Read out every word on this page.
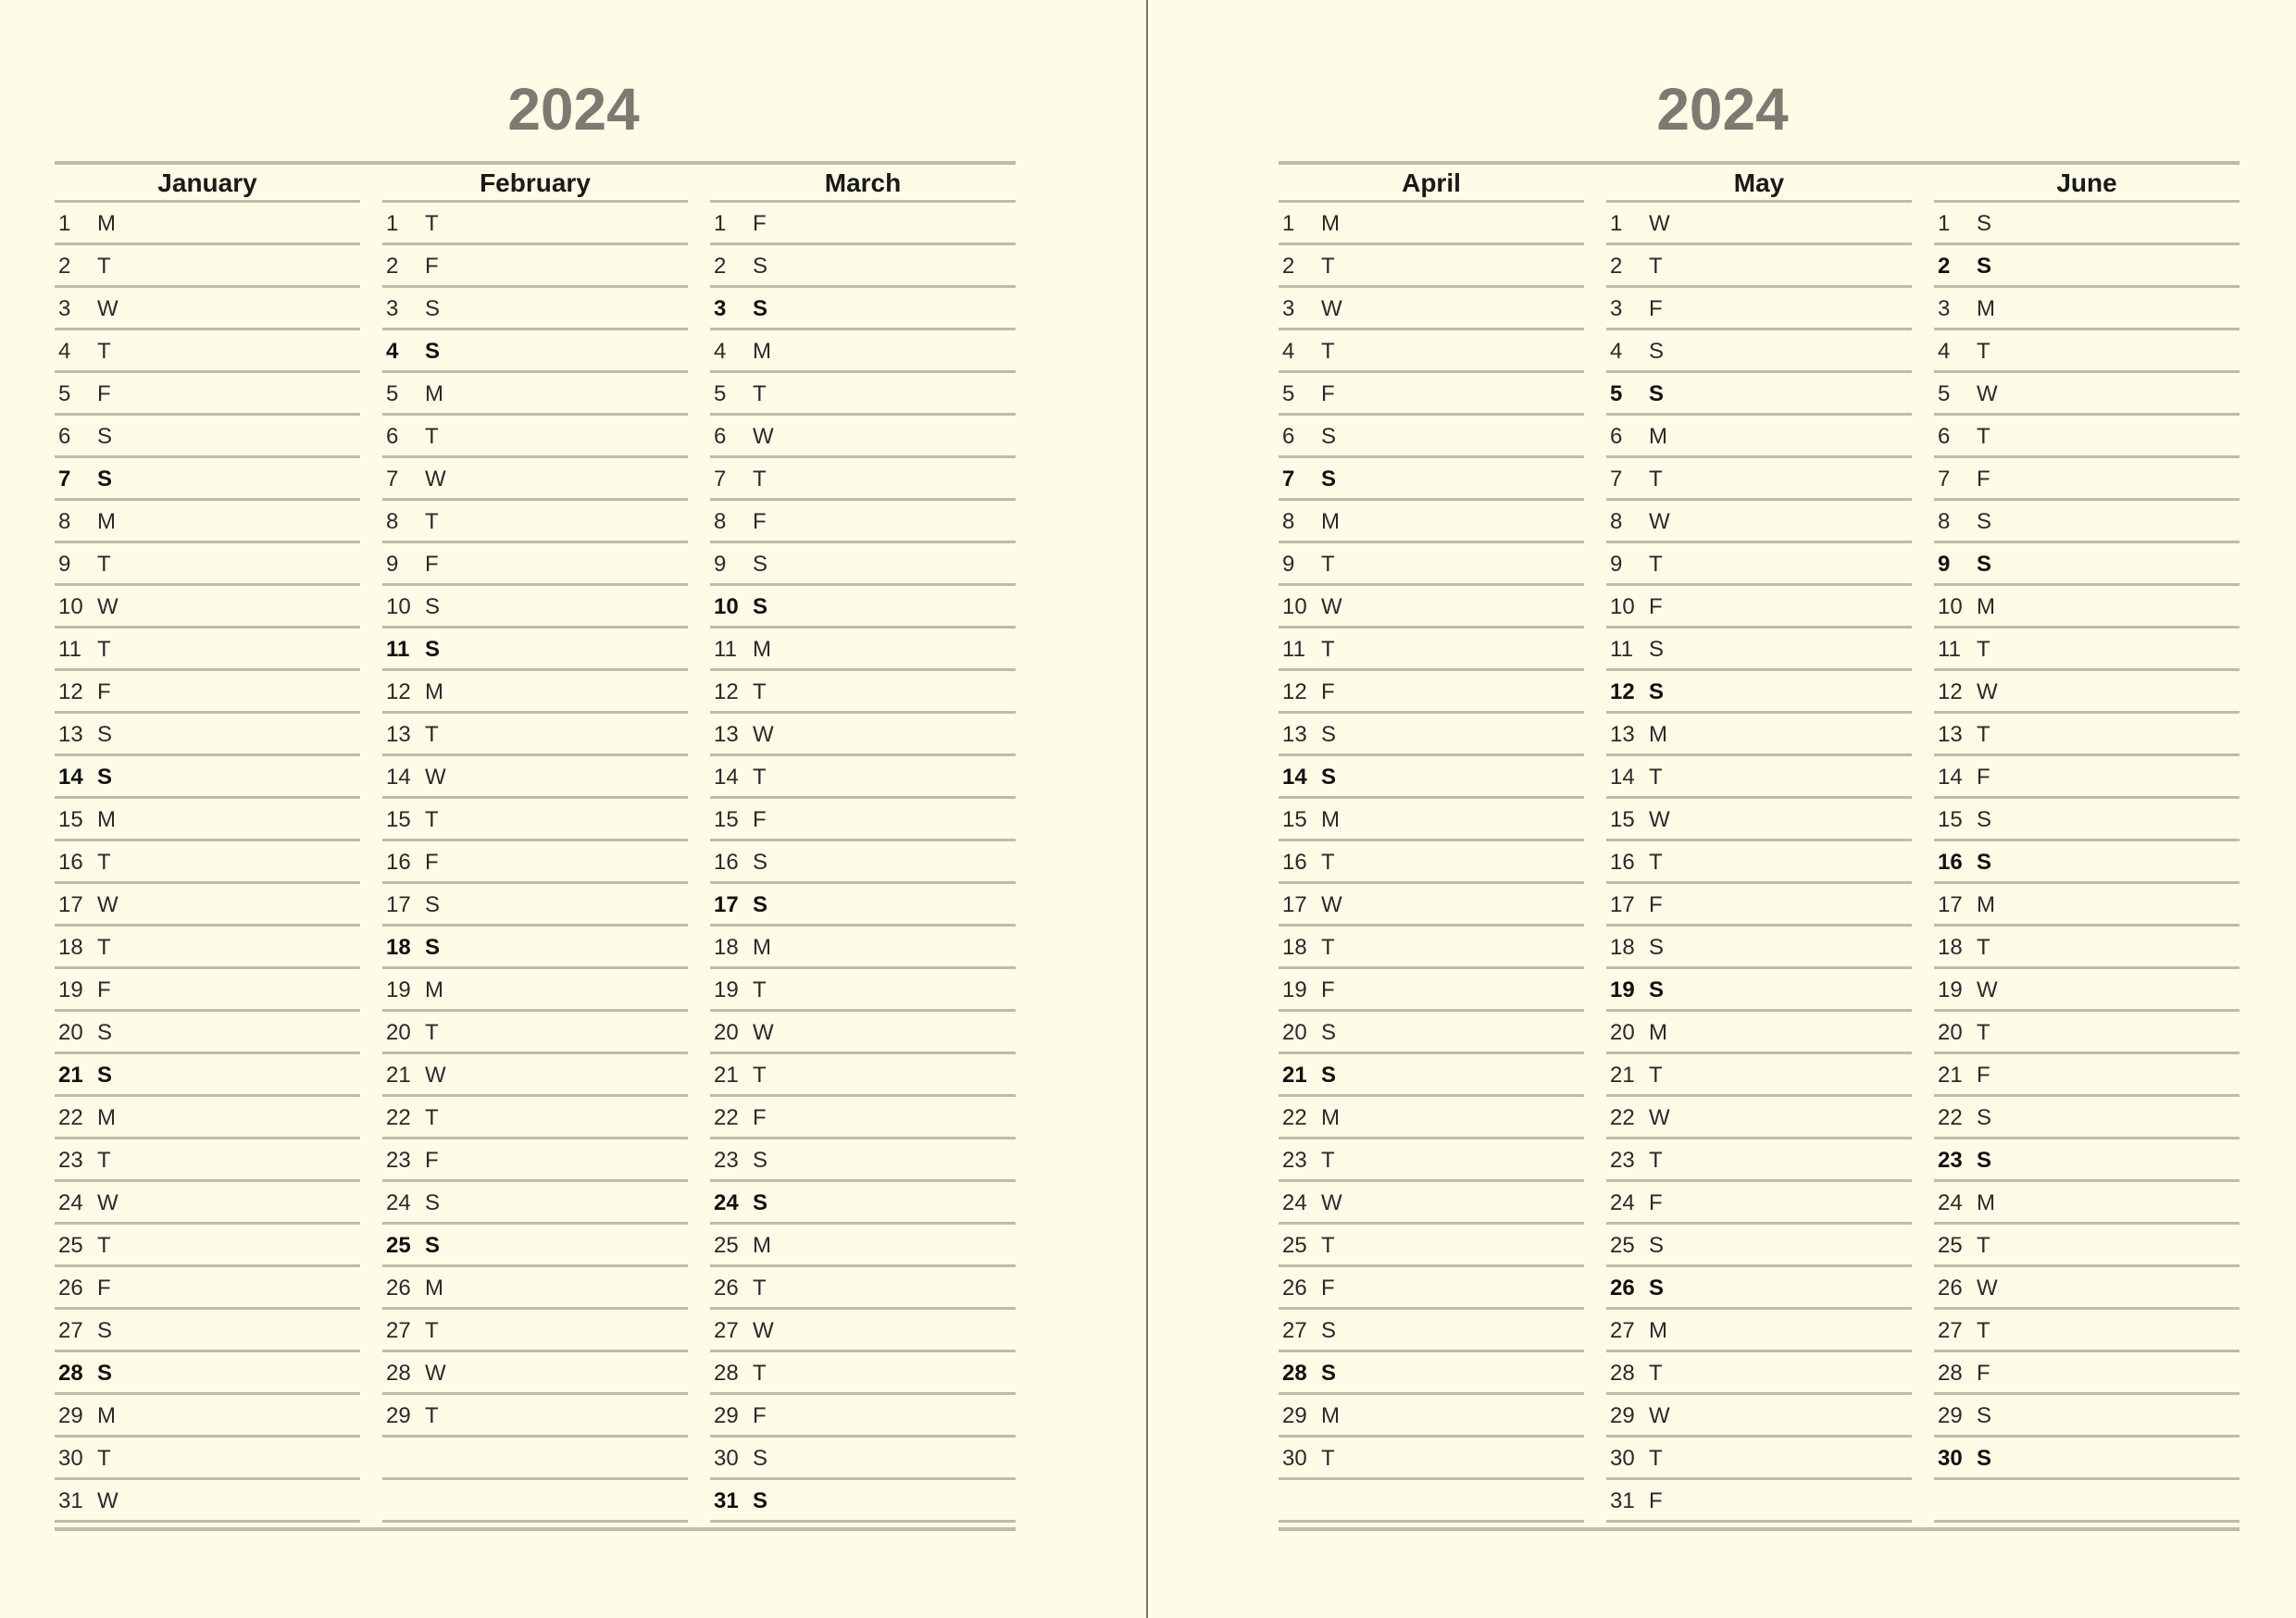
2024
January
1 M
2 T
3 W
4 T
5 F
6 S
7 S
8 M
9 T
10 W
11 T
12 F
13 S
14 S
15 M
16 T
17 W
18 T
19 F
20 S
21 S
22 M
23 T
24 W
25 T
26 F
27 S
28 S
29 M
30 T
31 W
February
1 T
2 F
3 S
4 S
5 M
6 T
7 W
8 T
9 F
10 S
11 S
12 M
13 T
14 W
15 T
16 F
17 S
18 S
19 M
20 T
21 W
22 T
23 F
24 S
25 S
26 M
27 T
28 W
29 T
March
1 F
2 S
3 S
4 M
5 T
6 W
7 T
8 F
9 S
10 S
11 M
12 T
13 W
14 T
15 F
16 S
17 S
18 M
19 T
20 W
21 T
22 F
23 S
24 S
25 M
26 T
27 W
28 T
29 F
30 S
31 S
2024
April
1 M
2 T
3 W
4 T
5 F
6 S
7 S
8 M
9 T
10 W
11 T
12 F
13 S
14 S
15 M
16 T
17 W
18 T
19 F
20 S
21 S
22 M
23 T
24 W
25 T
26 F
27 S
28 S
29 M
30 T
May
1 W
2 T
3 F
4 S
5 S
6 M
7 T
8 W
9 T
10 F
11 S
12 S
13 M
14 T
15 W
16 T
17 F
18 S
19 S
20 M
21 T
22 W
23 T
24 F
25 S
26 S
27 M
28 T
29 W
30 T
31 F
June
1 S
2 S
3 M
4 T
5 W
6 T
7 F
8 S
9 S
10 M
11 T
12 W
13 T
14 F
15 S
16 S
17 M
18 T
19 W
20 T
21 F
22 S
23 S
24 M
25 T
26 W
27 T
28 F
29 S
30 S
